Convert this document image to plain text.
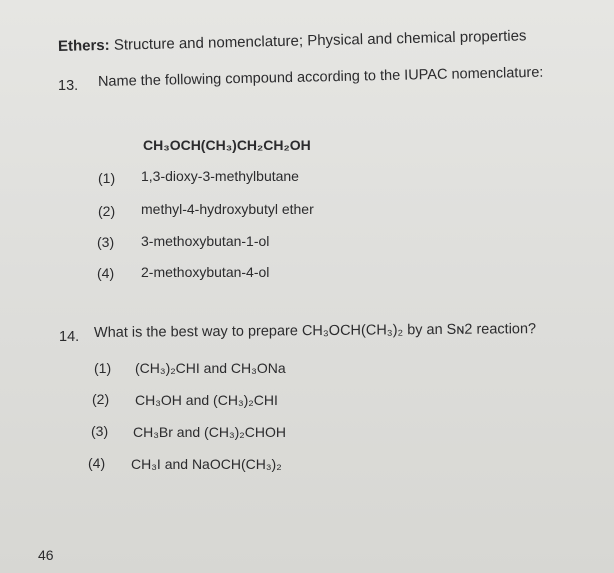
Ethers: Structure and nomenclature; Physical and chemical properties
13. Name the following compound according to the IUPAC nomenclature:
CH₃OCH(CH₃)CH₂CH₂OH
(1) 1,3-dioxy-3-methylbutane
(2) methyl-4-hydroxybutyl ether
(3) 3-methoxybutan-1-ol
(4) 2-methoxybutan-4-ol
14. What is the best way to prepare CH₃OCH(CH₃)₂ by an Sɴ2 reaction?
(1) (CH₃)₂CHI and CH₃ONa
(2) CH₃OH and (CH₃)₂CHI
(3) CH₃Br and (CH₃)₂CHOH
(4) CH₃I and NaOCH(CH₃)₂
46
